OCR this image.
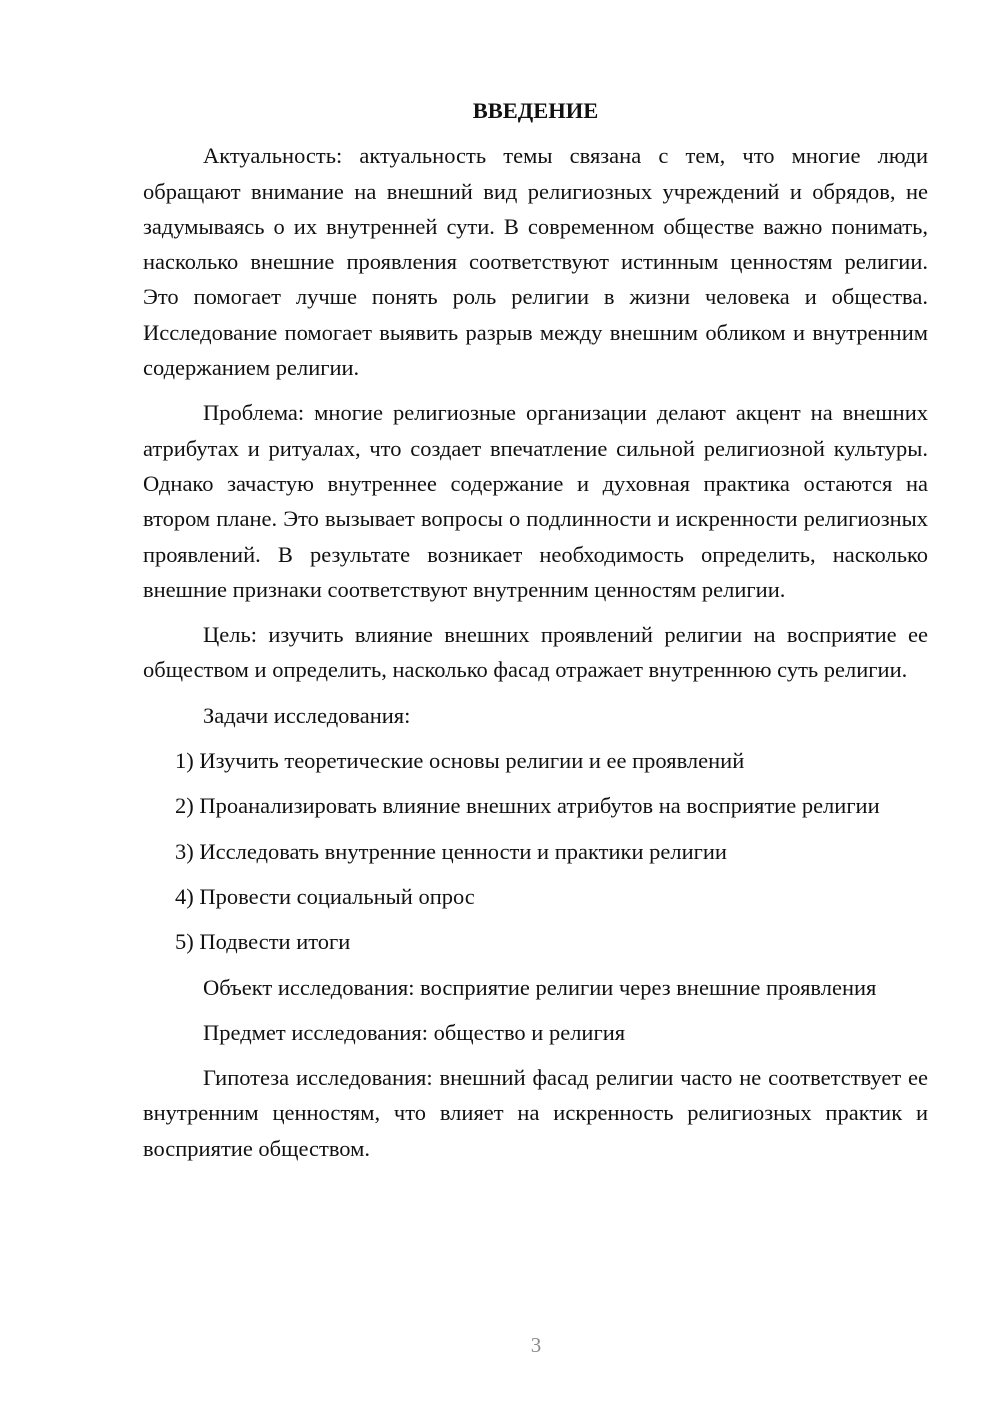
ВВЕДЕНИЕ

Актуальность: актуальность темы связана с тем, что многие люди обращают внимание на внешний вид религиозных учреждений и обрядов, не задумываясь о их внутренней сути. В современном обществе важно понимать, насколько внешние проявления соответствуют истинным ценностям религии. Это помогает лучше понять роль религии в жизни человека и общества. Исследование помогает выявить разрыв между внешним обликом и внутренним содержанием религии.

Проблема: многие религиозные организации делают акцент на внешних атрибутах и ритуалах, что создает впечатление сильной религиозной культуры. Однако зачастую внутреннее содержание и духовная практика остаются на втором плане. Это вызывает вопросы о подлинности и искренности религиозных проявлений. В результате возникает необходимость определить, насколько внешние признаки соответствуют внутренним ценностям религии.

Цель: изучить влияние внешних проявлений религии на восприятие ее обществом и определить, насколько фасад отражает внутреннюю суть религии.

Задачи исследования:

1) Изучить теоретические основы религии и ее проявлений

2) Проанализировать влияние внешних атрибутов на восприятие религии

3) Исследовать внутренние ценности и практики религии

4) Провести социальный опрос

5) Подвести итоги

Объект исследования: восприятие религии через внешние проявления

Предмет исследования: общество и религия

Гипотеза исследования: внешний фасад религии часто не соответствует ее внутренним ценностям, что влияет на искренность религиозных практик и восприятие обществом.

3
